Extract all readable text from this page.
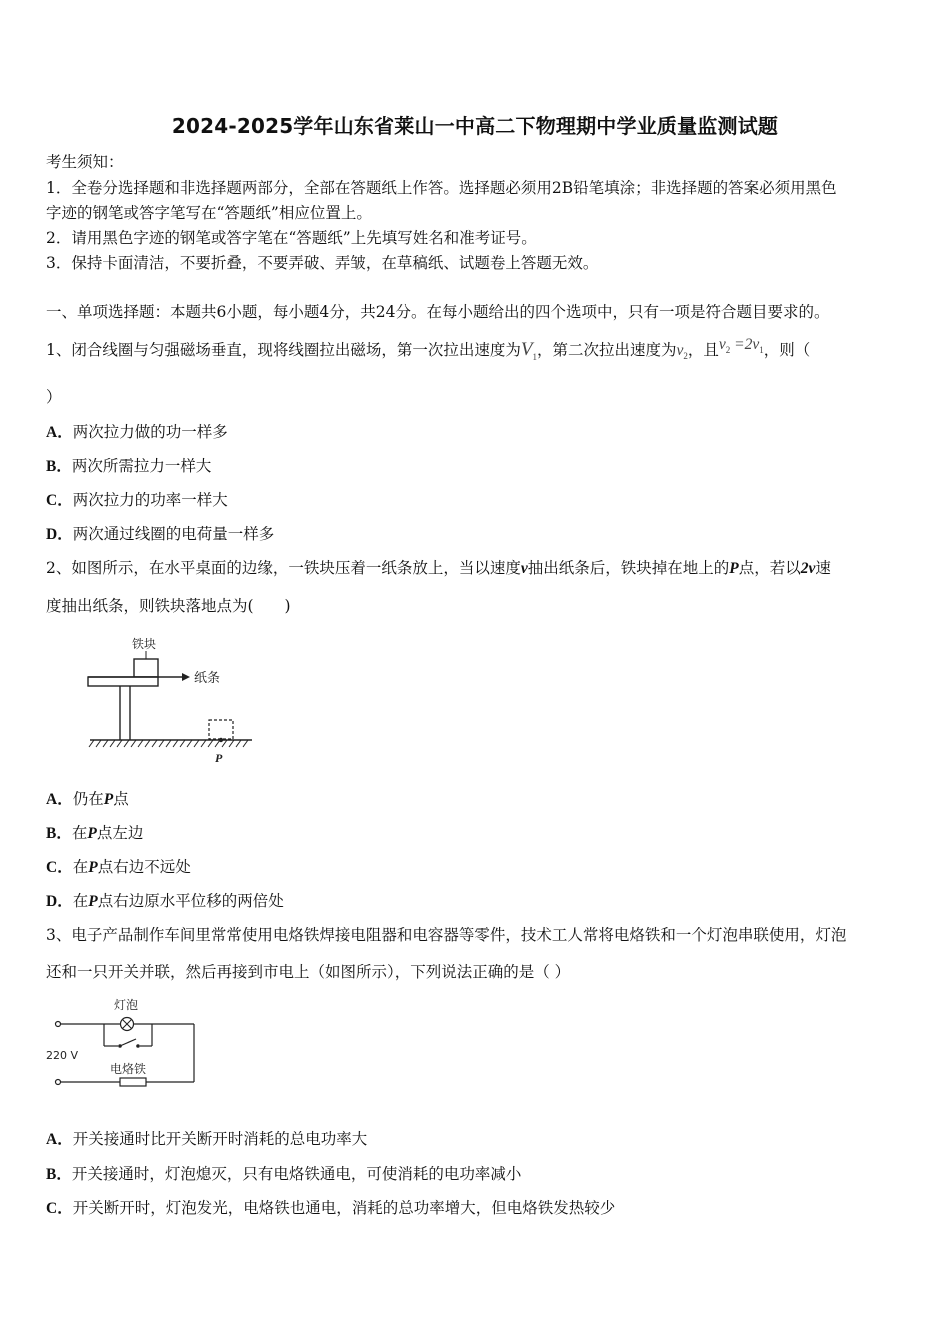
2024-2025学年山东省莱山一中高二下物理期中学业质量监测试题
考生须知：
1．全卷分选择题和非选择题两部分，全部在答题纸上作答。选择题必须用2B铅笔填涂；非选择题的答案必须用黑色
字迹的钢笔或答字笔写在“答题纸”相应位置上。
2．请用黑色字迹的钢笔或答字笔在“答题纸”上先填写姓名和准考证号。
3．保持卡面清洁，不要折叠，不要弄破、弄皱，在草稿纸、试题卷上答题无效。
一、单项选择题：本题共6小题，每小题4分，共24分。在每小题给出的四个选项中，只有一项是符合题目要求的。
1、闭合线圈与匀强磁场垂直，现将线圈拉出磁场，第一次拉出速度为$V_1$，第二次拉出速度为$v_2$，且$v_2 =2v_1$，则（
）
A．两次拉力做的功一样多
B．两次所需拉力一样大
C．两次拉力的功率一样大
D．两次通过线圈的电荷量一样多
2、如图所示，在水平桌面的边缘，一铁块压着一纸条放上，当以速度v抽出纸条后，铁块掉在地上的P点，若以2v速
度抽出纸条，则铁块落地点为(　　)
铁块
纸条
P
A．仍在P点
B．在P点左边
C．在P点右边不远处
D．在P点右边原水平位移的两倍处
3、电子产品制作车间里常常使用电烙铁焊接电阻器和电容器等零件，技术工人常将电烙铁和一个灯泡串联使用，灯泡
还和一只开关并联，然后再接到市电上（如图所示），下列说法正确的是（ ）
灯泡
220 V
电烙铁
A．开关接通时比开关断开时消耗的总电功率大
B．开关接通时，灯泡熄灭，只有电烙铁通电，可使消耗的电功率减小
C．开关断开时，灯泡发光，电烙铁也通电，消耗的总功率增大，但电烙铁发热较少
